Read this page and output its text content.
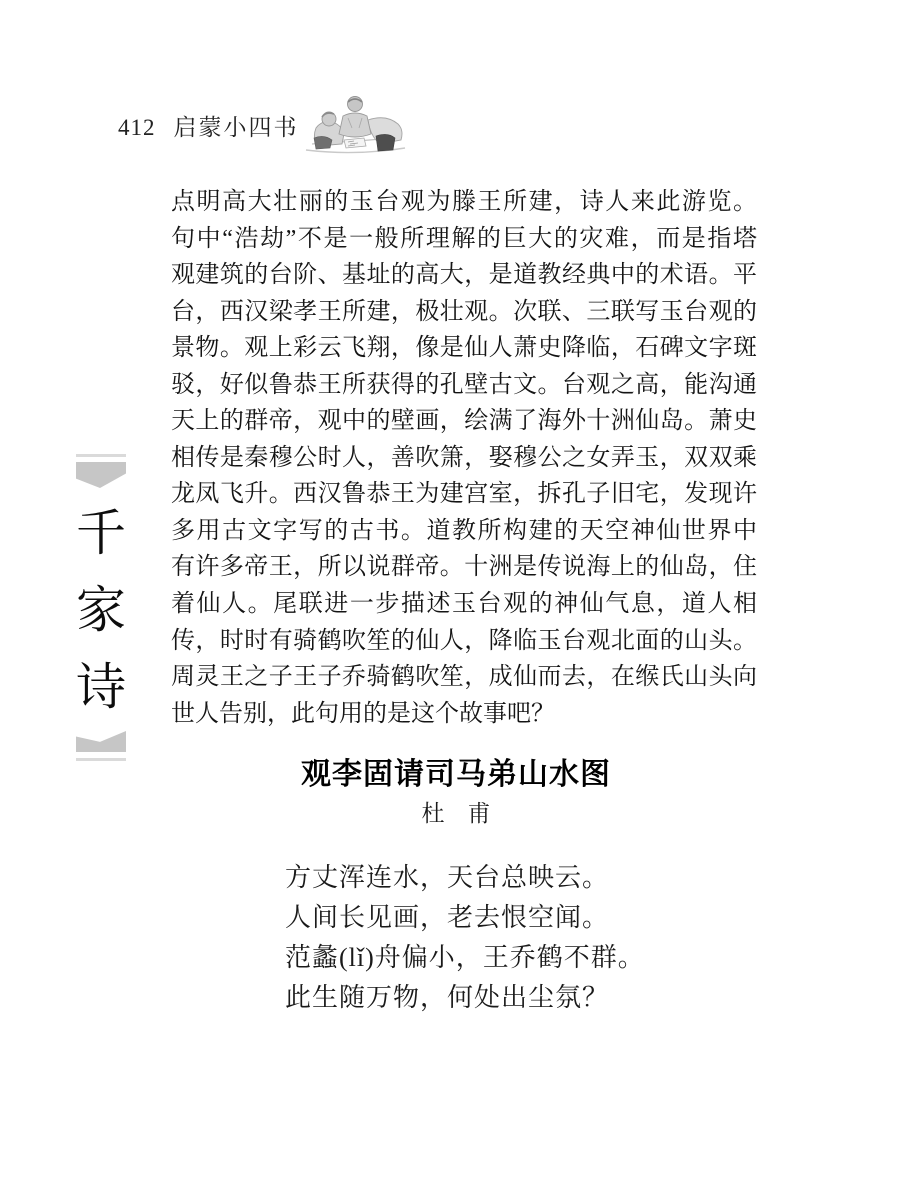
412 启蒙小四书
千
家
诗
点明高大壮丽的玉台观为滕王所建，诗人来此游览。
句中“浩劫”不是一般所理解的巨大的灾难，而是指塔
观建筑的台阶、基址的高大，是道教经典中的术语。平
台，西汉梁孝王所建，极壮观。次联、三联写玉台观的
景物。观上彩云飞翔，像是仙人萧史降临，石碑文字斑
驳，好似鲁恭王所获得的孔壁古文。台观之高，能沟通
天上的群帝，观中的壁画，绘满了海外十洲仙岛。萧史
相传是秦穆公时人，善吹箫，娶穆公之女弄玉，双双乘
龙凤飞升。西汉鲁恭王为建宫室，拆孔子旧宅，发现许
多用古文字写的古书。道教所构建的天空神仙世界中
有许多帝王，所以说群帝。十洲是传说海上的仙岛，住
着仙人。尾联进一步描述玉台观的神仙气息，道人相
传，时时有骑鹤吹笙的仙人，降临玉台观北面的山头。
周灵王之子王子乔骑鹤吹笙，成仙而去，在缑氏山头向
世人告别，此句用的是这个故事吧？
观李固请司马弟山水图
杜　甫
方丈浑连水，天台总映云。
人间长见画，老去恨空闻。
范蠡(lǐ)舟偏小，王乔鹤不群。
此生随万物，何处出尘氛？
